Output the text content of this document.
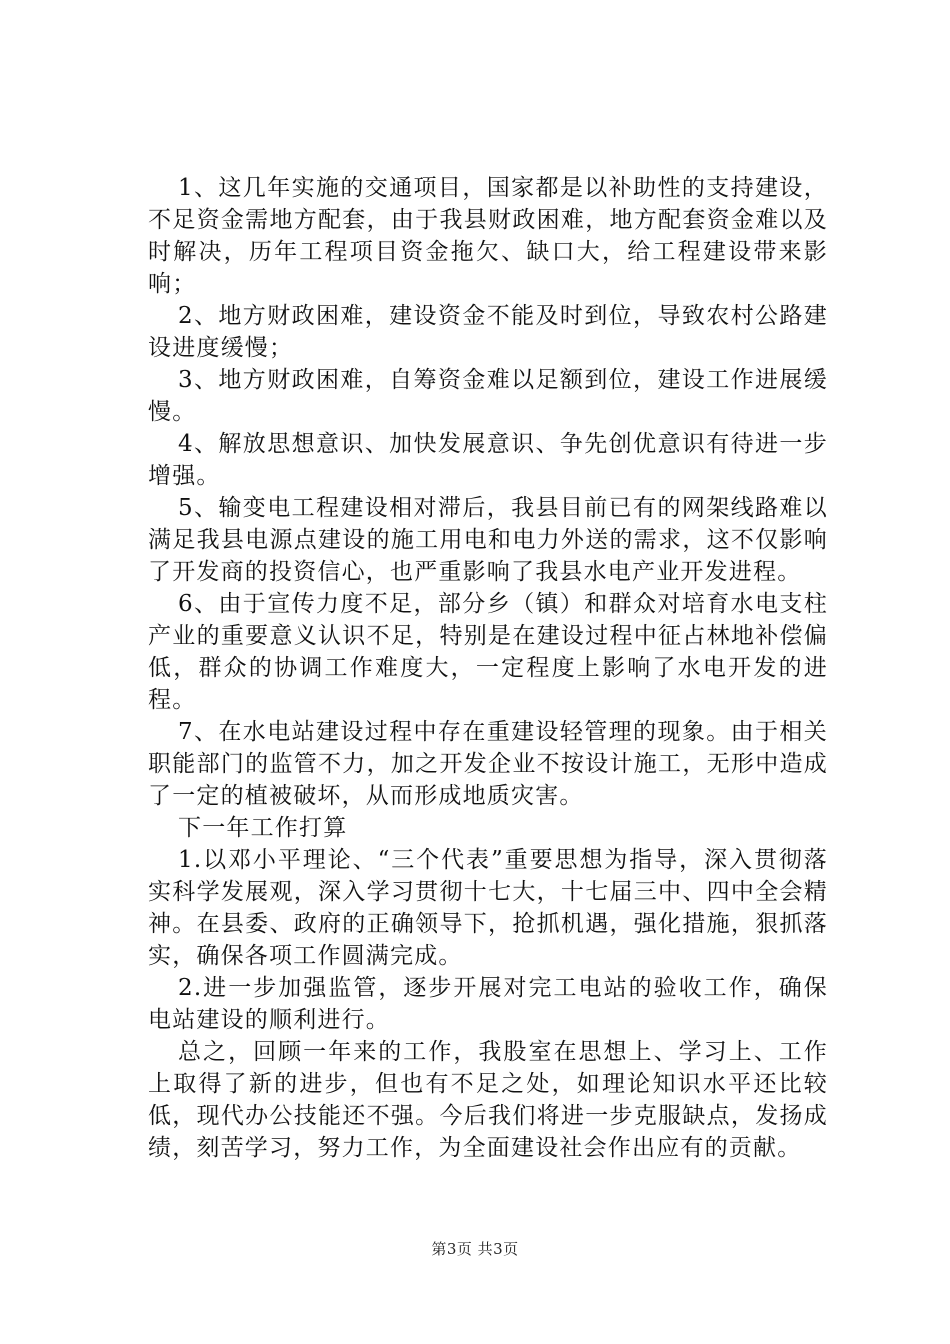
1、这几年实施的交通项目，国家都是以补助性的支持建设，不足资金需地方配套，由于我县财政困难，地方配套资金难以及时解决，历年工程项目资金拖欠、缺口大，给工程建设带来影响；

2、地方财政困难，建设资金不能及时到位，导致农村公路建设进度缓慢；

3、地方财政困难，自筹资金难以足额到位，建设工作进展缓慢。

4、解放思想意识、加快发展意识、争先创优意识有待进一步增强。

5、输变电工程建设相对滞后，我县目前已有的网架线路难以满足我县电源点建设的施工用电和电力外送的需求，这不仅影响了开发商的投资信心，也严重影响了我县水电产业开发进程。

6、由于宣传力度不足，部分乡（镇）和群众对培育水电支柱产业的重要意义认识不足，特别是在建设过程中征占林地补偿偏低，群众的协调工作难度大，一定程度上影响了水电开发的进程。

7、在水电站建设过程中存在重建设轻管理的现象。由于相关职能部门的监管不力，加之开发企业不按设计施工，无形中造成了一定的植被破坏，从而形成地质灾害。

下一年工作打算

1.以邓小平理论、“三个代表”重要思想为指导，深入贯彻落实科学发展观，深入学习贯彻十七大，十七届三中、四中全会精神。在县委、政府的正确领导下，抢抓机遇，强化措施，狠抓落实，确保各项工作圆满完成。

2.进一步加强监管，逐步开展对完工电站的验收工作，确保电站建设的顺利进行。

总之，回顾一年来的工作，我股室在思想上、学习上、工作上取得了新的进步，但也有不足之处，如理论知识水平还比较低，现代办公技能还不强。今后我们将进一步克服缺点，发扬成绩，刻苦学习，努力工作，为全面建设社会作出应有的贡献。

第3页 共3页
